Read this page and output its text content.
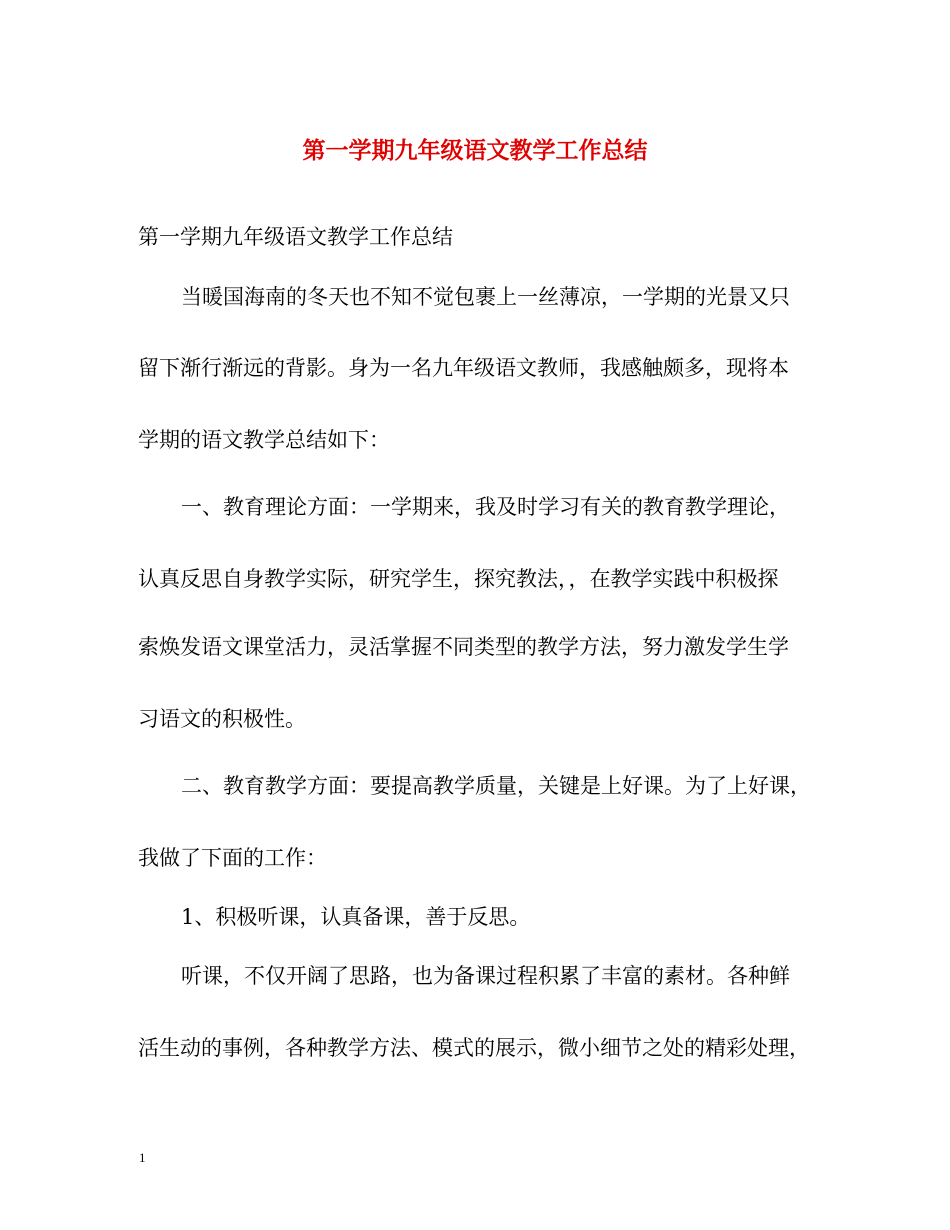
第一学期九年级语文教学工作总结
第一学期九年级语文教学工作总结
当暖国海南的冬天也不知不觉包裹上一丝薄凉，一学期的光景又只
留下渐行渐远的背影。身为一名九年级语文教师，我感触颇多，现将本
学期的语文教学总结如下：
一、教育理论方面：一学期来，我及时学习有关的教育教学理论，
认真反思自身教学实际，研究学生，探究教法，，在教学实践中积极探
索焕发语文课堂活力，灵活掌握不同类型的教学方法，努力激发学生学
习语文的积极性。
二、教育教学方面：要提高教学质量，关键是上好课。为了上好课，
我做了下面的工作：
1、积极听课，认真备课，善于反思。
听课，不仅开阔了思路，也为备课过程积累了丰富的素材。各种鲜
活生动的事例，各种教学方法、模式的展示，微小细节之处的精彩处理，
1
